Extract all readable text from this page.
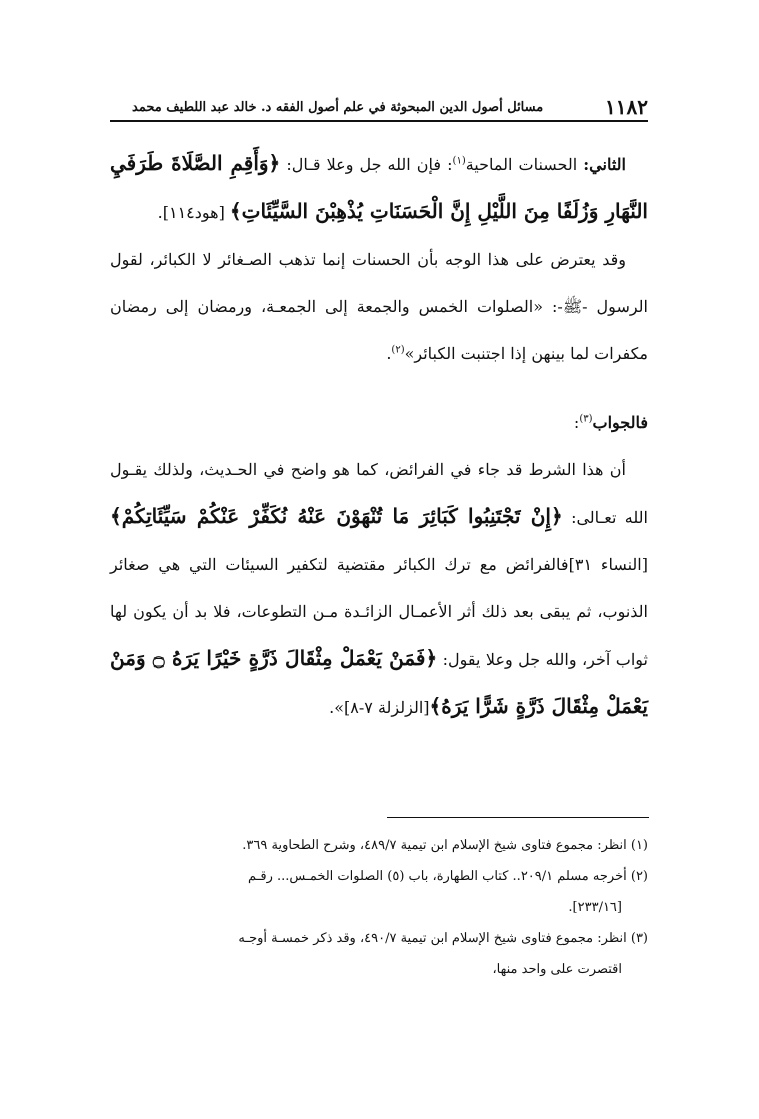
١١٨٢
مسائل أصول الدين المبحوثة في علم أصول الفقه د. خالد عبد اللطيف محمد

الثاني: الحسنات الماحية$^{(١)}$: فإن الله جل وعلا قـال: ﴿وَأَقِمِ الصَّلَاةَ طَرَفَيِ النَّهَارِ وَزُلَفًا مِنَ اللَّيْلِ إِنَّ الْحَسَنَاتِ يُذْهِبْنَ السَّيِّئَاتِ﴾ [هود١١٤].

وقد يعترض على هذا الوجه بأن الحسنات إنما تذهب الصـغائر لا الكبائر، لقول الرسول -ﷺ-: «الصلوات الخمس والجمعة إلى الجمعـة، ورمضان إلى رمضان مكفرات لما بينهن إذا اجتنبت الكبائر»$^{(٢)}$.

فالجواب$^{(٣)}$:

أن هذا الشرط قد جاء في الفرائض، كما هو واضح في الحـديث، ولذلك يقـول الله تعـالى: ﴿إِنْ تَجْتَنِبُوا كَبَائِرَ مَا تُنْهَوْنَ عَنْهُ نُكَفِّرْ عَنْكُمْ سَيِّئَاتِكُمْ﴾ [النساء ٣١]فالفرائض مع ترك الكبائر مقتضية لتكفير السيئات التي هي صغائر الذنوب، ثم يبقى بعد ذلك أثر الأعمـال الزائـدة مـن التطوعات، فلا بد أن يكون لها ثواب آخر، والله جل وعلا يقول: ﴿فَمَنْ يَعْمَلْ مِثْقَالَ ذَرَّةٍ خَيْرًا يَرَهُ ۝ وَمَنْ يَعْمَلْ مِثْقَالَ ذَرَّةٍ شَرًّا يَرَهُ﴾[الزلزلة ٧-٨]».

(١) انظر: مجموع فتاوى شيخ الإسلام ابن تيمية ٤٨٩/٧، وشرح الطحاوية ٣٦٩.

(٢) أخرجه مسلم ٢٠٩/١.. كتاب الطهارة، باب (٥) الصلوات الخمـس... رقـم

[٢٣٣/١٦].

(٣) انظر: مجموع فتاوى شيخ الإسلام ابن تيمية ٤٩٠/٧، وقد ذكر خمسـة أوجـه

اقتصرت على واحد منها،
